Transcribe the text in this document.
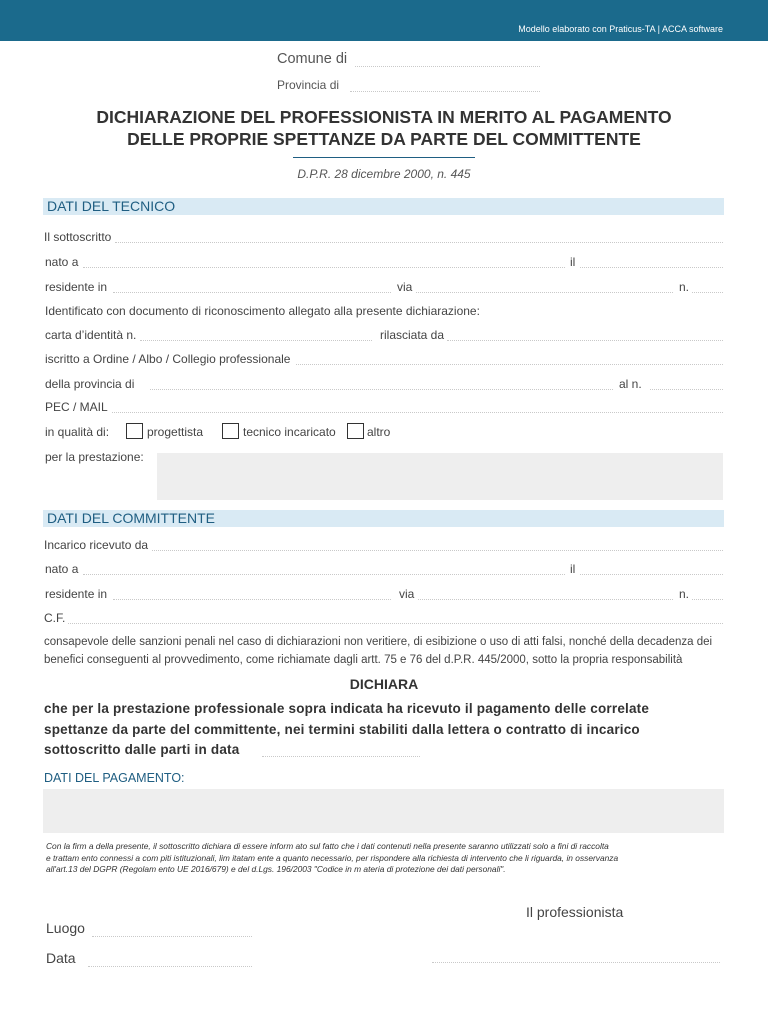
Modello elaborato con Praticus-TA | ACCA software
Comune di
Provincia di
DICHIARAZIONE DEL PROFESSIONISTA IN MERITO AL PAGAMENTO
DELLE PROPRIE SPETTANZE DA PARTE DEL COMMITTENTE
D.P.R. 28 dicembre 2000, n. 445
DATI DEL TECNICO
Il sottoscritto
nato a	il
residente in	via	n.
Identificato con documento di riconoscimento allegato alla presente dichiarazione:
carta d’identità n.	rilasciata da
iscritto a Ordine / Albo / Collegio professionale
della provincia di	al n.
PEC / MAIL
in qualità di:	progettista	tecnico incaricato	altro
per la prestazione:
DATI DEL COMMITTENTE
Incarico ricevuto da
nato a	il
residente in	via	n.
C.F.
consapevole delle sanzioni penali nel caso di dichiarazioni non veritiere, di esibizione o uso di atti falsi, nonché della decadenza dei
benefici conseguenti al provvedimento, come richiamate dagli artt. 75 e 76 del d.P.R. 445/2000, sotto la propria responsabilità
DICHIARA
che per la prestazione professionale sopra indicata ha ricevuto il pagamento delle correlate
spettanze da parte del committente, nei termini stabiliti dalla lettera o contratto di incarico
sottoscritto dalle parti in data
DATI DEL PAGAMENTO:
Con la firm a della presente, il sottoscritto dichiara di essere inform ato sul fatto che i dati contenuti nella presente saranno utilizzati solo a fini di raccolta
e trattam ento connessi a com piti istituzionali, lim itatam ente a quanto necessario, per rispondere alla richiesta di intervento che li riguarda, in osservanza
all'art.13 del DGPR (Regolam ento UE 2016/679) e del d.Lgs. 196/2003 "Codice in m ateria di protezione dei dati personali".
Il professionista
Luogo
Data
